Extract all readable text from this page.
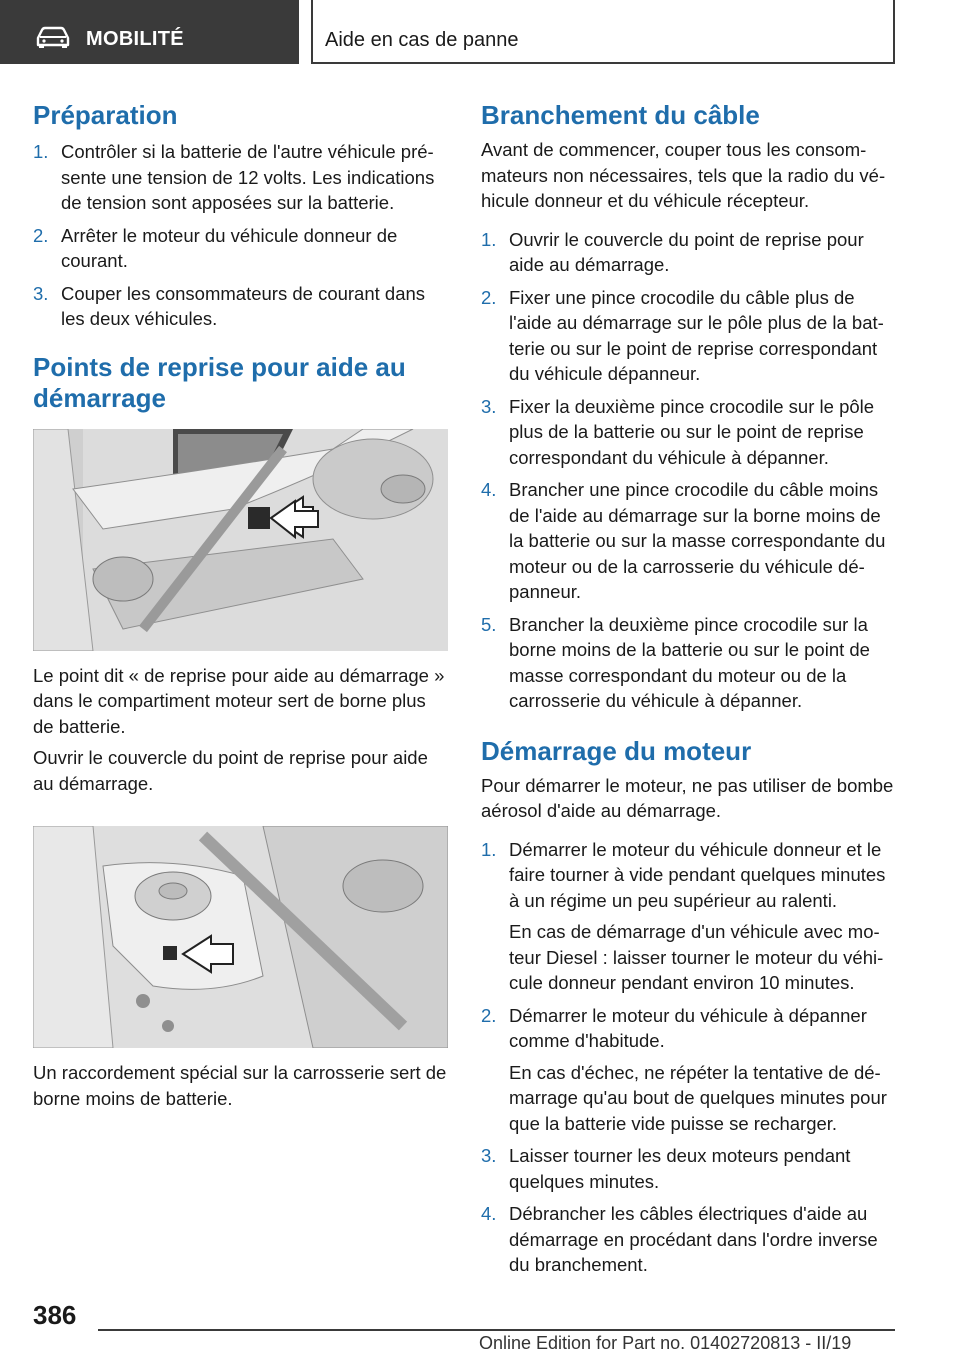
MOBILITÉ	Aide en cas de panne
Préparation
1. Contrôler si la batterie de l'autre véhicule présente une tension de 12 volts. Les indications de tension sont apposées sur la batterie.
2. Arrêter le moteur du véhicule donneur de courant.
3. Couper les consommateurs de courant dans les deux véhicules.
Points de reprise pour aide au démarrage

Le point dit « de reprise pour aide au démarrage » dans le compartiment moteur sert de borne plus de batterie.

Ouvrir le couvercle du point de reprise pour aide au démarrage.

Un raccordement spécial sur la carrosserie sert de borne moins de batterie.

Branchement du câble

Avant de commencer, couper tous les consommateurs non nécessaires, tels que la radio du véhicule donneur et du véhicule récepteur.

1. Ouvrir le couvercle du point de reprise pour aide au démarrage.
2. Fixer une pince crocodile du câble plus de l'aide au démarrage sur le pôle plus de la batterie ou sur le point de reprise correspondant du véhicule dépanneur.
3. Fixer la deuxième pince crocodile sur le pôle plus de la batterie ou sur le point de reprise correspondant du véhicule à dépanner.
4. Brancher une pince crocodile du câble moins de l'aide au démarrage sur la borne moins de la batterie ou sur la masse correspondante du moteur ou de la carrosserie du véhicule dépanneur.
5. Brancher la deuxième pince crocodile sur la borne moins de la batterie ou sur le point de masse correspondant du moteur ou de la carrosserie du véhicule à dépanner.
Démarrage du moteur

Pour démarrer le moteur, ne pas utiliser de bombe aérosol d'aide au démarrage.

1. Démarrer le moteur du véhicule donneur et le faire tourner à vide pendant quelques minutes à un régime un peu supérieur au ralenti.
En cas de démarrage d'un véhicule avec moteur Diesel : laisser tourner le moteur du véhicule donneur pendant environ 10 minutes.
2. Démarrer le moteur du véhicule à dépanner comme d'habitude.
En cas d'échec, ne répéter la tentative de démarrage qu'au bout de quelques minutes pour que la batterie vide puisse se recharger.
3. Laisser tourner les deux moteurs pendant quelques minutes.
4. Débrancher les câbles électriques d'aide au démarrage en procédant dans l'ordre inverse du branchement.
386
Online Edition for Part no. 01402720813 - II/19
